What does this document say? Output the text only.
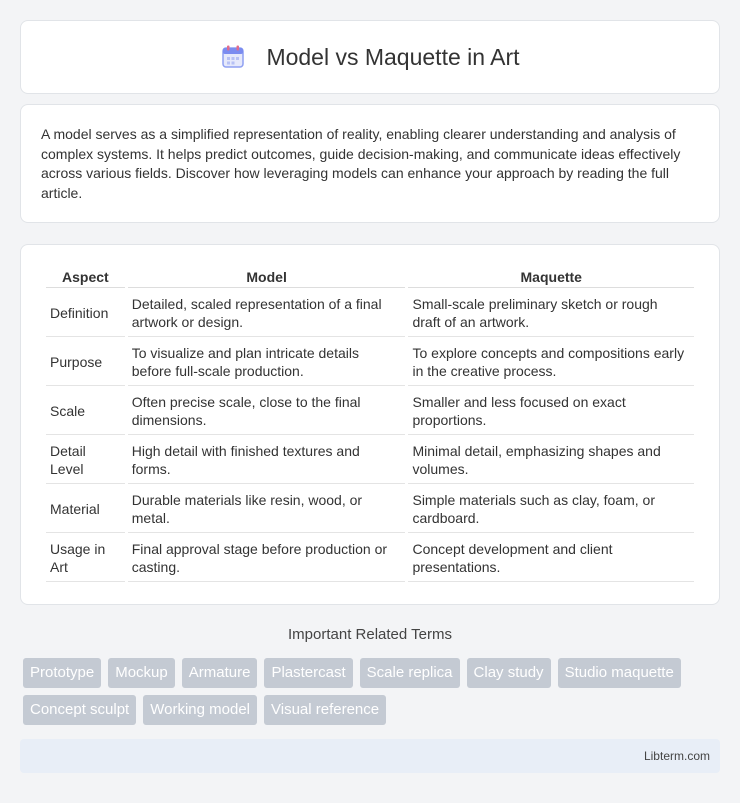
Model vs Maquette in Art

A model serves as a simplified representation of reality, enabling clearer understanding and analysis of complex systems. It helps predict outcomes, guide decision-making, and communicate ideas effectively across various fields. Discover how leveraging models can enhance your approach by reading the full article.

Aspect	Model	Maquette
Definition	Detailed, scaled representation of a final artwork or design.	Small-scale preliminary sketch or rough draft of an artwork.
Purpose	To visualize and plan intricate details before full-scale production.	To explore concepts and compositions early in the creative process.
Scale	Often precise scale, close to the final dimensions.	Smaller and less focused on exact proportions.
Detail Level	High detail with finished textures and forms.	Minimal detail, emphasizing shapes and volumes.
Material	Durable materials like resin, wood, or metal.	Simple materials such as clay, foam, or cardboard.
Usage in Art	Final approval stage before production or casting.	Concept development and client presentations.
Important Related Terms
Prototype	Mockup	Armature	Plastercast	Scale replica	Clay study	Studio maquette
Concept sculpt	Working model	Visual reference
Libterm.com
